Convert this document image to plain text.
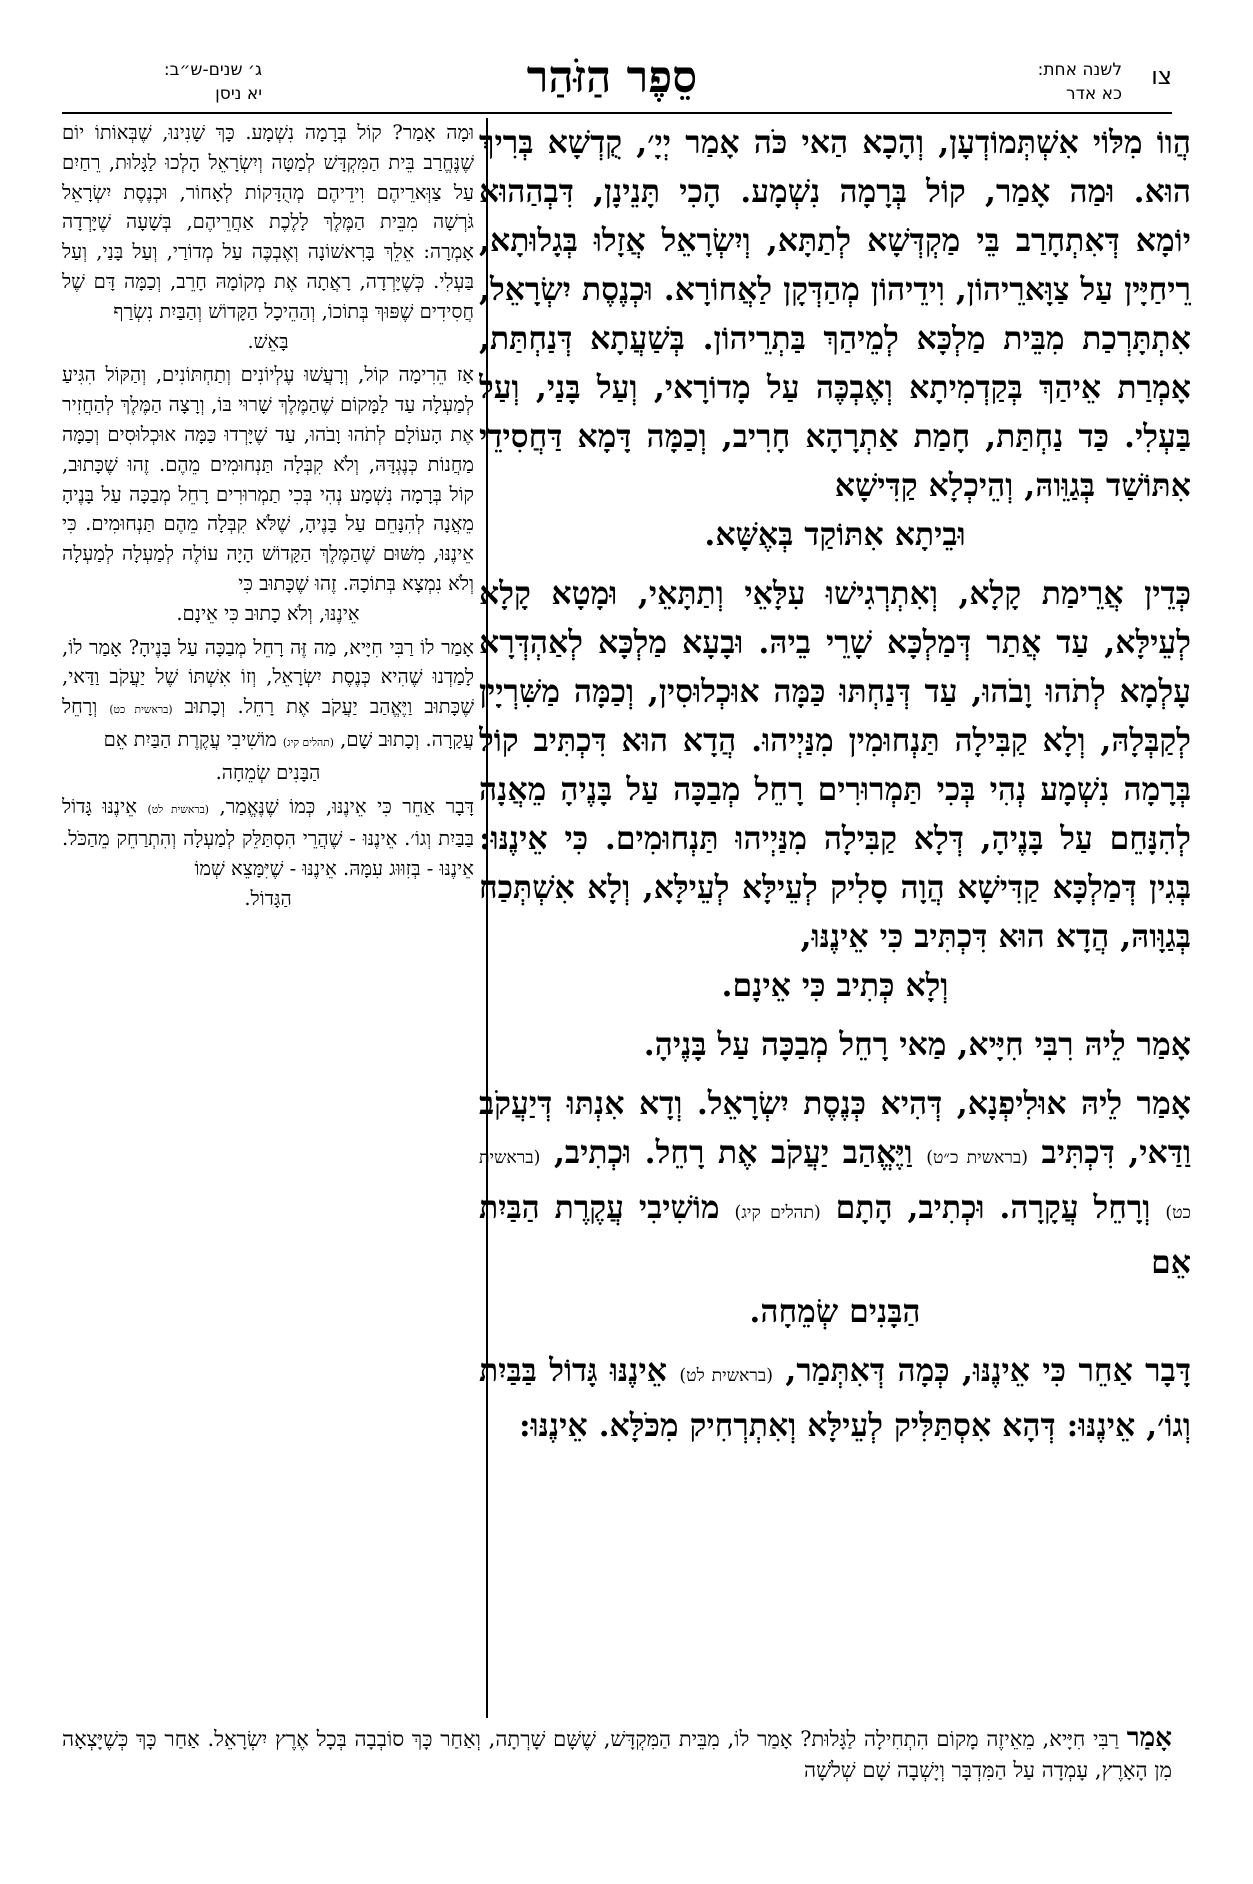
צו
לשנה אחת:
כא אדר
סֵפֶר הַזֹּהַר
ג׳ שנים-ש״ב:
יא ניסן

הֲווֹ מִלּוֹי אִשְׁתְּמוֹדְעָן, וְהָכָא הַאי כֹּה אָמַר יְיָ׳, קֻדְשָׁא בְּרִיךְ הוּא. וּמַה אָמַר, קוֹל בְּרָמָה נִשְׁמָע. הָכִי תָּנֵינָן, דִּבְהַהוּא יוֹמָא דְּאִתְחָרַב בֵּי מַקְדְּשָׁא לְתַתָּא, וְיִשְׂרָאֵל אֲזָלוּ בְּגָלוּתָא, רֵיחַיָּין עַל צַוָּארֵיהוֹן, וִידֵיהוֹן מְהַדְּקָן לַאֲחוֹרָא. וּכְנֶסֶת יִשְׂרָאֵל, אִתְתָּרְכַת מִבֵּית מַלְכָּא לְמֵיהַךְ בַּתְרֵיהוֹן. בְּשַׁעֲתָא דְּנַחְתַּת, אָמְרַת אֵיהַךְ בְּקַדְמִיתָא וְאֶבְכֶּה עַל מָדוֹרָאי, וְעַל בָּנַי, וְעַל בַּעְלִי. כַּד נַחְתַּת, חָמַת אַתְרָהָא חָרִיב, וְכַמָּה דָּמָא דַּחֲסִידֵי אִתּוֹשַׁד בְּגַוֵּוהּ, וְהֵיכְלָא קַדִּישָׁא
וּבֵיתָא אִתּוֹקַד בְּאֶשָּׁא.

כְּדֵין אֲרֵימַת קָלָא, וְאִתְרְגִישׁוּ עִלָּאֵי וְתַתָּאֵי, וּמָטָא קָלָא לְעֵילָּא, עַד אֲתַר דְּמַלְכָּא שָׁרֵי בֵיהּ. וּבָעָא מַלְכָּא לְאַהְדְּרָא עָלְמָא לְתֹהוּ וָבֹהוּ, עַד דְּנַחְתּוּ כַּמָּה אוּכְלוּסִין, וְכַמָּה מַשִּׁרְיָין לְקַבְּלָהּ, וְלָא קַבִּילָה תַּנְחוּמִין מִנַּיְיהוּ. הֲדָא הוּא דִּכְתִּיב קוֹל בְּרָמָה נִשְׁמָע נְהִי בְּכִי תַּמְרוּרִים רָחֵל מְבַכָּה עַל בָּנֶיהָ מֵאֲנָה לְהִנָּחֵם עַל בָּנֶיהָ, דְּלָא קַבִּילָה מִנַּיְיהוּ תַּנְחוּמִים. כִּי אֵינֶנּוּ: בְּגִין דְּמַלְכָּא קַדִּישָׁא הֲוָה סָלִיק לְעֵילָּא לְעֵילָּא, וְלָא אִשְׁתְּכַח בְּגַוָּוהּ, הֲדָא הוּא דִּכְתִּיב כִּי אֵינֶנּוּ,
וְלָא כְּתִיב כִּי אֵינָם.

אָמַר לֵיהּ רִבִּי חִיָּיא, מַאי רָחֵל מְבַכָּה עַל בָּנֶיהָ.

אָמַר לֵיהּ אוּלִיפְנָא, דְּהִיא כְּנֶסֶת יִשְׂרָאֵל. וְדָא אִנְתּוּ דְּיַעֲקֹב וַדַּאי, דִּכְתִּיב (בראשית כ״ט) וַיֶּאֱהַב יַעֲקֹב אֶת רָחֵל. וּכְתִיב, (בראשית כט) וְרָחֵל עֲקָרָה. וּכְתִיב, הָתָם (תהלים קיג) מוֹשִׁיבִי עֲקֶרֶת הַבַּיִת אֵם
הַבָּנִים שְׂמֵחָה.

דָּבָר אַחֵר כִּי אֵינֶנּוּ, כְּמָה דְּאִתְּמַר, (בראשית לט) אֵינֶנּוּ גָּדוֹל בַּבַּיִת וְגוֹ׳, אֵינֶנּוּ: דְּהָא אִסְתַּלִּיק לְעֵילָּא וְאִתְרְחִיק מִכֹּלָּא. אֵינֶנּוּ:

וּמָה אָמַר? קוֹל בְּרָמָה נִשְׁמָע. כָּךְ שָׁנִינוּ, שֶׁבְּאוֹתוֹ יוֹם שֶׁנֶּחֱרַב בֵּית הַמִּקְדָּשׁ לְמַטָּה וְיִשְׂרָאֵל הָלְכוּ לַגָּלוּת, רֵחַיִם עַל צַוְּארֵיהֶם וִידֵיהֶם מְהֻדָּקוֹת לְאָחוֹר, וּכְנֶסֶת יִשְׂרָאֵל גֹּרְשָׁה מִבֵּית הַמֶּלֶךְ לָלֶכֶת אַחֲרֵיהֶם, בְּשָׁעָה שֶׁיָּרְדָה אָמְרָה: אֵלֵךְ בָּרִאשׁוֹנָה וְאֶבְכֶּה עַל מְדוֹרַי, וְעַל בָּנַי, וְעַל בַּעְלִי. כְּשֶׁיָּרְדָה, רָאֲתָה אֶת מְקוֹמָהּ חָרֵב, וְכַמָּה דָּם שֶׁל חֲסִידִים שֶׁפּוּךְ בְּתוֹכוֹ, וְהַהֵיכָל הַקָּדוֹשׁ וְהַבַּיִת נִשְׂרַף
בָּאֵשׁ.

אָז הֵרִימָה קוֹל, וְרָעֲשׁוּ עֶלְיוֹנִים וְתַחְתּוֹנִים, וְהַקּוֹל הִגִּיעַ לְמַעְלָה עַד לַמָּקוֹם שֶׁהַמֶּלֶךְ שָׁרוּי בּוֹ, וְרָצָה הַמֶּלֶךְ לְהַחֲזִיר אֶת הָעוֹלָם לְתֹהוּ וָבֹהוּ, עַד שֶׁיָּרְדוּ כַּמָּה אוּכְלוּסִים וְכַמָּה מַחֲנוֹת כְּנֶגְדָּהּ, וְלֹא קִבְּלָה תַּנְחוּמִים מֵהֶם. זֶהוּ שֶׁכָּתוּב, קוֹל בְּרָמָה נִשְׁמָע נְהִי בְּכִי תַמְרוּרִים רָחֵל מְבַכָּה עַל בָּנֶיהָ מֵאֲנָה לְהִנָּחֵם עַל בָּנֶיהָ, שֶׁלֹּא קִבְּלָה מֵהֶם תַּנְחוּמִים. כִּי אֵינֶנּוּ, מִשּׁוּם שֶׁהַמֶּלֶךְ הַקָּדוֹשׁ הָיָה עוֹלֶה לְמַעְלָה לְמַעְלָה וְלֹא נִמְצָא בְּתוֹכָהּ. זֶהוּ שֶׁכָּתוּב כִּי
אֵינֶנּוּ, וְלֹא כָתוּב כִּי אֵינָם.

אָמַר לוֹ רַבִּי חִיָּיא, מַה זֶּה רָחֵל מְבַכָּה עַל בָּנֶיהָ? אָמַר לוֹ, לָמַדְנוּ שֶׁהִיא כְּנֶסֶת יִשְׂרָאֵל, וְזוֹ אִשְׁתּוֹ שֶׁל יַעֲקֹב וַדַּאי, שֶׁכָּתוּב וַיֶּאֱהַב יַעֲקֹב אֶת רָחֵל. וְכָתוּב (בראשית כט) וְרָחֵל עֲקָרָה. וְכָתוּב שָׁם, (תהלים קיג) מוֹשִׁיבִי עֲקֶרֶת הַבַּיִת אֵם
הַבָּנִים שְׂמֵחָה.

דָּבָר אַחֵר כִּי אֵינֶנּוּ, כְּמוֹ שֶׁנֶּאֱמַר, (בראשית לט) אֵינֶנּוּ גָּדוֹל בַּבַּיִת וְגוֹ׳. אֵינֶנּוּ - שֶׁהֲרֵי הִסְתַּלֵּק לְמַעְלָה וְהִתְרַחֵק מֵהַכֹּל. אֵינֶנּוּ - בְּזִוּוּג עִמָּהּ. אֵינֶנּוּ - שֶׁיִּמָּצֵא שְׁמוֹ
הַגָּדוֹל.

אָמַר רַבִּי חִיָּיא, מֵאֵיזֶה מָקוֹם הִתְחִילָה לַגָּלוּת? אָמַר לוֹ, מִבֵּית הַמִּקְדָּשׁ, שֶׁשָּׁם שָׁרְתָה, וְאַחַר כָּךְ סוֹבְבָה בְּכָל אֶרֶץ יִשְׂרָאֵל. אַחַר כָּךְ כְּשֶׁיָּצְאָה מִן הָאָרֶץ, עָמְדָה עַל הַמִּדְבָּר וְיָשְׁבָה שָׁם שְׁלֹשָׁה
